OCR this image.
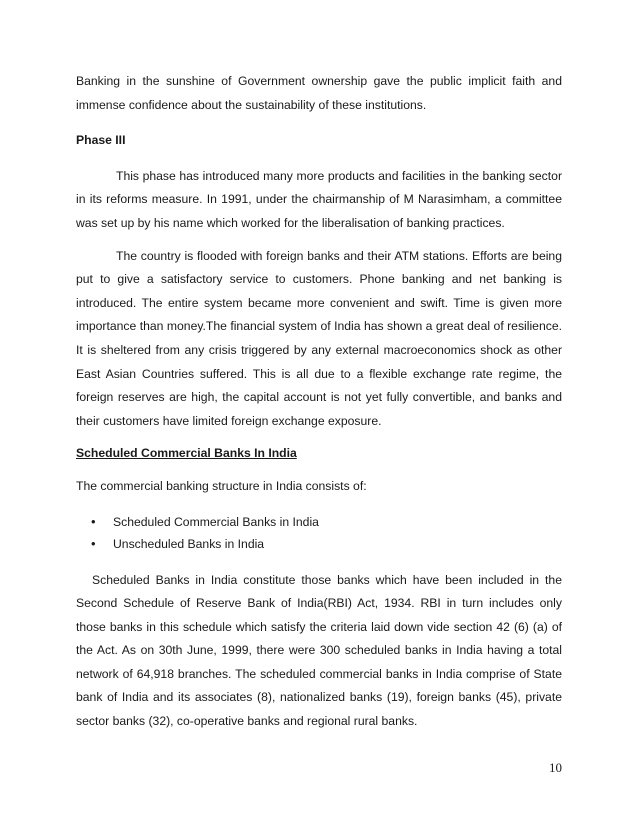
Banking in the sunshine of Government ownership gave the public implicit faith and immense confidence about the sustainability of these institutions.

Phase III

This phase has introduced many more products and facilities in the banking sector in its reforms measure. In 1991, under the chairmanship of M Narasimham, a committee was set up by his name which worked for the liberalisation of banking practices.

The country is flooded with foreign banks and their ATM stations. Efforts are being put to give a satisfactory service to customers. Phone banking and net banking is introduced. The entire system became more convenient and swift. Time is given more importance than money.The financial system of India has shown a great deal of resilience. It is sheltered from any crisis triggered by any external macroeconomics shock as other East Asian Countries suffered. This is all due to a flexible exchange rate regime, the foreign reserves are high, the capital account is not yet fully convertible, and banks and their customers have limited foreign exchange exposure.

Scheduled Commercial Banks In India

The commercial banking structure in India consists of:

• Scheduled Commercial Banks in India
• Unscheduled Banks in India

Scheduled Banks in India constitute those banks which have been included in the Second Schedule of Reserve Bank of India(RBI) Act, 1934. RBI in turn includes only those banks in this schedule which satisfy the criteria laid down vide section 42 (6) (a) of the Act. As on 30th June, 1999, there were 300 scheduled banks in India having a total network of 64,918 branches. The scheduled commercial banks in India comprise of State bank of India and its associates (8), nationalized banks (19), foreign banks (45), private sector banks (32), co-operative banks and regional rural banks.

10
